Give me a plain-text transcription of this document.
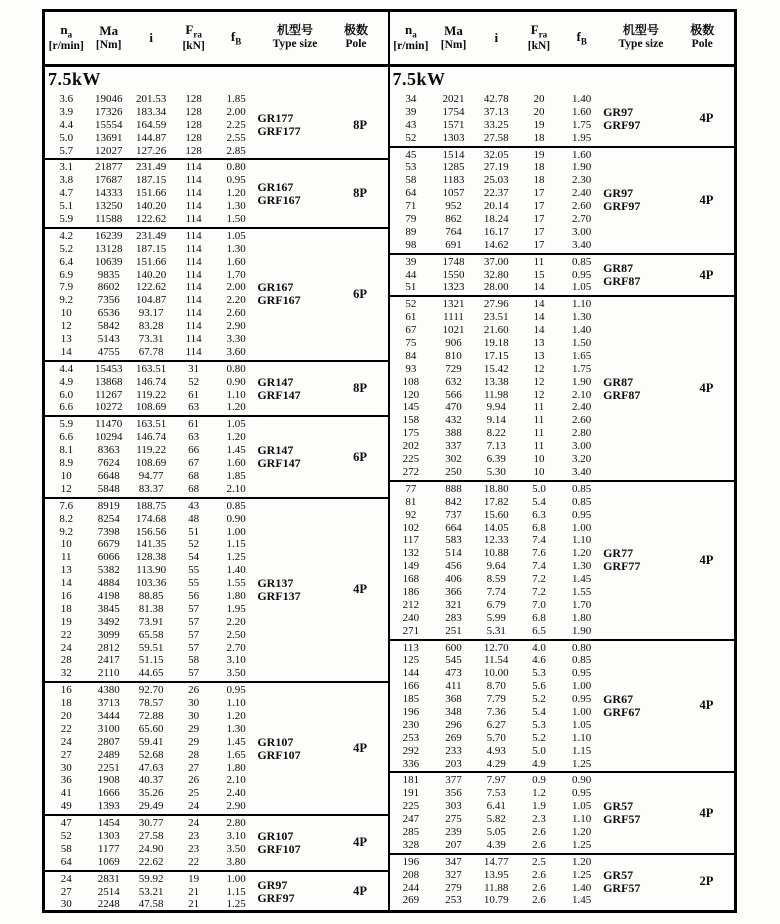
$n_a$
[r/min]
Ma
[Nm]
i
$F_{ra}$
[kN]
$f_B$
机型号
Type size
极数
Pole
7.5kW
3.6	19046	201.53	128	1.85
3.9	17326	183.34	128	2.00
4.4	15554	164.59	128	2.25
5.0	13691	144.87	128	2.55
5.7	12027	127.26	128	2.85
GR177
GRF177	8P
3.1	21877	231.49	114	0.80
3.8	17687	187.15	114	0.95
4.7	14333	151.66	114	1.20
5.1	13250	140.20	114	1.30
5.9	11588	122.62	114	1.50
GR167
GRF167	8P
4.2	16239	231.49	114	1.05
5.2	13128	187.15	114	1.30
6.4	10639	151.66	114	1.60
6.9	9835	140.20	114	1.70
7.9	8602	122.62	114	2.00
9.2	7356	104.87	114	2.20
10	6536	93.17	114	2.60
12	5842	83.28	114	2.90
13	5143	73.31	114	3.30
14	4755	67.78	114	3.60
GR167
GRF167	6P
4.4	15453	163.51	31	0.80
4.9	13868	146.74	52	0.90
6.0	11267	119.22	61	1.10
6.6	10272	108.69	63	1.20
GR147
GRF147	8P
5.9	11470	163.51	61	1.05
6.6	10294	146.74	63	1.20
8.1	8363	119.22	66	1.45
8.9	7624	108.69	67	1.60
10	6648	94.77	68	1.85
12	5848	83.37	68	2.10
GR147
GRF147	6P
7.6	8919	188.75	43	0.85
8.2	8254	174.68	48	0.90
9.2	7398	156.56	51	1.00
10	6679	141.35	52	1.15
11	6066	128.38	54	1.25
13	5382	113.90	55	1.40
14	4884	103.36	55	1.55
16	4198	88.85	56	1.80
18	3845	81.38	57	1.95
19	3492	73.91	57	2.20
22	3099	65.58	57	2.50
24	2812	59.51	57	2.70
28	2417	51.15	58	3.10
32	2110	44.65	57	3.50
GR137
GRF137	4P
16	4380	92.70	26	0.95
18	3713	78.57	30	1.10
20	3444	72.88	30	1.20
22	3100	65.60	29	1.30
24	2807	59.41	29	1.45
27	2489	52.68	28	1.65
30	2251	47.63	27	1.80
36	1908	40.37	26	2.10
41	1666	35.26	25	2.40
49	1393	29.49	24	2.90
GR107
GRF107	4P
47	1454	30.77	24	2.80
52	1303	27.58	23	3.10
58	1177	24.90	23	3.50
64	1069	22.62	22	3.80
GR107
GRF107	4P
24	2831	59.92	19	1.00
27	2514	53.21	21	1.15
30	2248	47.58	21	1.25
GR97
GRF97	4P
$n_a$
[r/min]
Ma
[Nm]
i
$F_{ra}$
[kN]
$f_B$
机型号
Type size
极数
Pole
7.5kW
34	2021	42.78	20	1.40
39	1754	37.13	20	1.60
43	1571	33.25	19	1.75
52	1303	27.58	18	1.95
GR97
GRF97	4P
45	1514	32.05	19	1.60
53	1285	27.19	18	1.90
58	1183	25.03	18	2.30
64	1057	22.37	17	2.40
71	952	20.14	17	2.60
79	862	18.24	17	2.70
89	764	16.17	17	3.00
98	691	14.62	17	3.40
GR97
GRF97	4P
39	1748	37.00	11	0.85
44	1550	32.80	15	0.95
51	1323	28.00	14	1.05
GR87
GRF87	4P
52	1321	27.96	14	1.10
61	1111	23.51	14	1.30
67	1021	21.60	14	1.40
75	906	19.18	13	1.50
84	810	17.15	13	1.65
93	729	15.42	12	1.75
108	632	13.38	12	1.90
120	566	11.98	12	2.10
145	470	9.94	11	2.40
158	432	9.14	11	2.60
175	388	8.22	11	2.80
202	337	7.13	11	3.00
225	302	6.39	10	3.20
272	250	5.30	10	3.40
GR87
GRF87	4P
77	888	18.80	5.0	0.85
81	842	17.82	5.4	0.85
92	737	15.60	6.3	0.95
102	664	14.05	6.8	1.00
117	583	12.33	7.4	1.10
132	514	10.88	7.6	1.20
149	456	9.64	7.4	1.30
168	406	8.59	7.2	1.45
186	366	7.74	7.2	1.55
212	321	6.79	7.0	1.70
240	283	5.99	6.8	1.80
271	251	5.31	6.5	1.90
GR77
GRF77	4P
113	600	12.70	4.0	0.80
125	545	11.54	4.6	0.85
144	473	10.00	5.3	0.95
166	411	8.70	5.6	1.00
185	368	7.79	5.2	0.95
196	348	7.36	5.4	1.00
230	296	6.27	5.3	1.05
253	269	5.70	5.2	1.10
292	233	4.93	5.0	1.15
336	203	4.29	4.9	1.25
GR67
GRF67	4P
181	377	7.97	0.9	0.90
191	356	7.53	1.2	0.95
225	303	6.41	1.9	1.05
247	275	5.82	2.3	1.10
285	239	5.05	2.6	1.20
328	207	4.39	2.6	1.25
GR57
GRF57	4P
196	347	14.77	2.5	1.20
208	327	13.95	2.6	1.25
244	279	11.88	2.6	1.40
269	253	10.79	2.6	1.45
GR57
GRF57	2P
